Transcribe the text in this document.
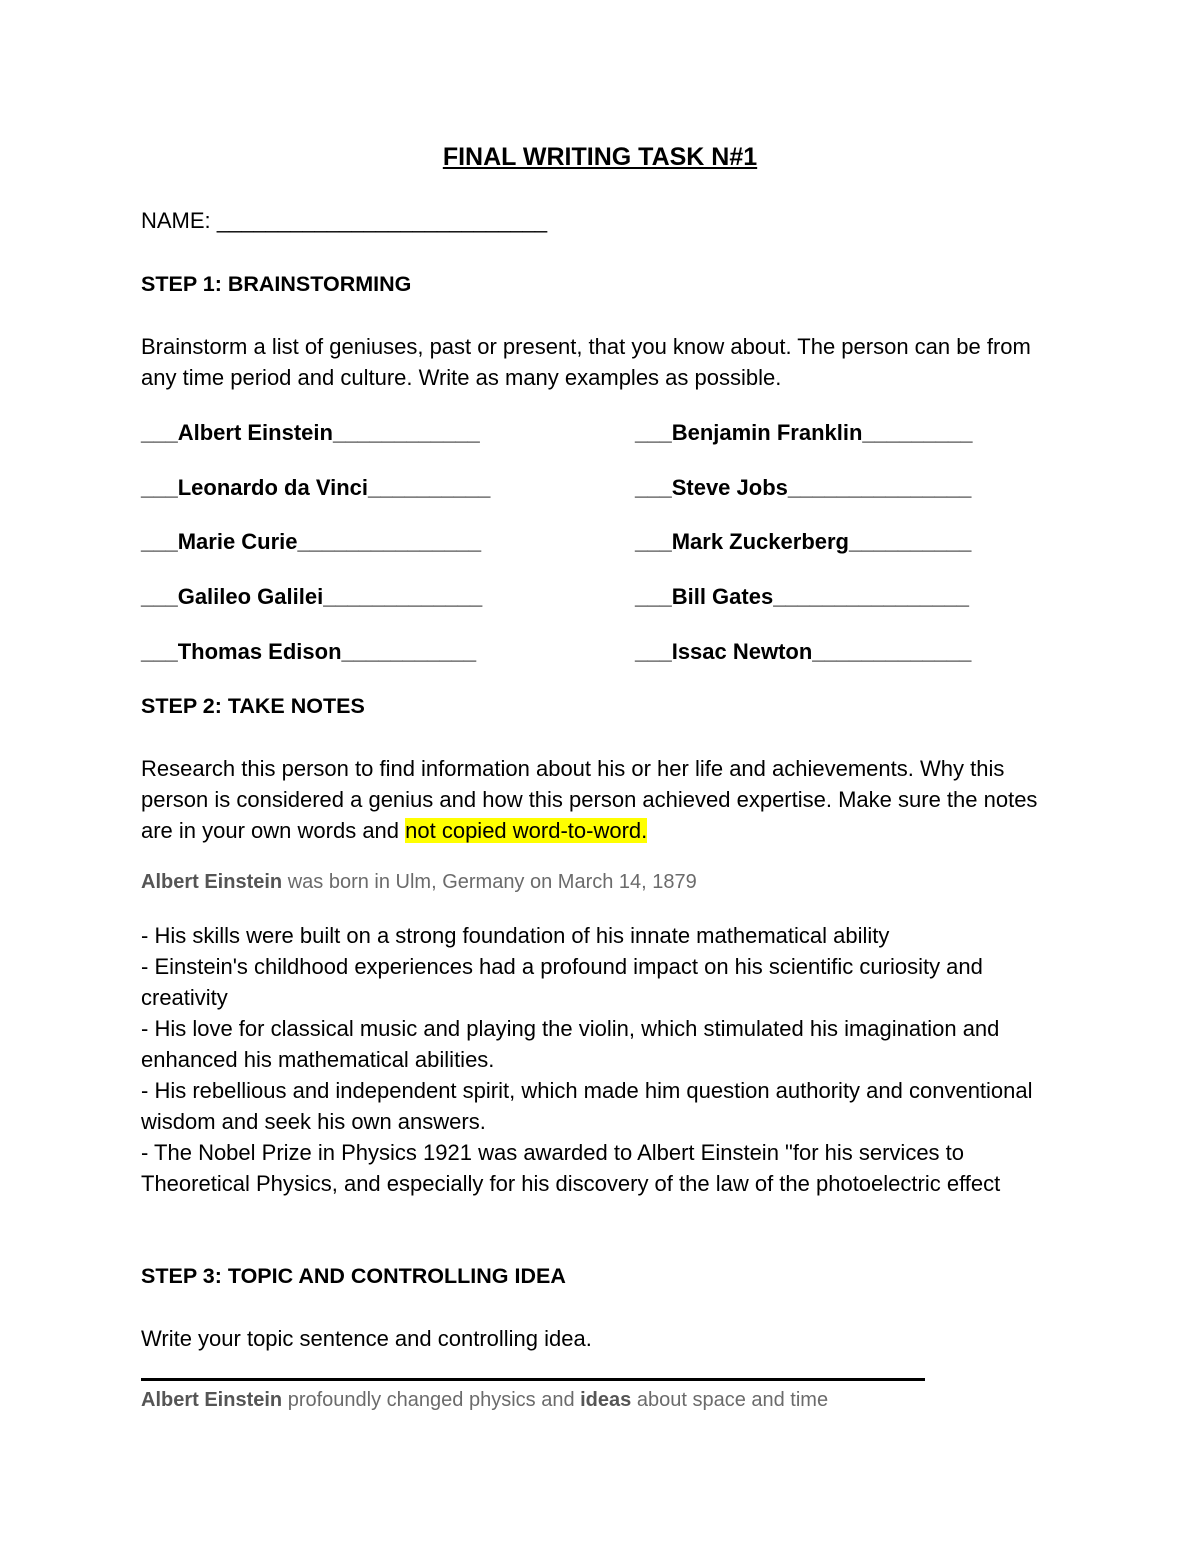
FINAL WRITING TASK N#1
NAME: ___________________________
STEP 1: BRAINSTORMING
Brainstorm a list of geniuses, past or present, that you know about. The person can be from any time period and culture. Write as many examples as possible.
___Albert Einstein____________
___Leonardo da Vinci__________
___Marie Curie_______________
___Galileo Galilei_____________
___Thomas Edison___________
___Benjamin Franklin_________
___Steve Jobs_______________
___Mark Zuckerberg__________
___Bill Gates________________
___Issac Newton_____________
STEP 2: TAKE NOTES
Research this person to find information about his or her life and achievements. Why this person is considered a genius and how this person achieved expertise. Make sure the notes are in your own words and not copied word-to-word.
Albert Einstein was born in Ulm, Germany on March 14, 1879
- His skills were built on a strong foundation of his innate mathematical ability
- Einstein's childhood experiences had a profound impact on his scientific curiosity and creativity
- His love for classical music and playing the violin, which stimulated his imagination and enhanced his mathematical abilities.
- His rebellious and independent spirit, which made him question authority and conventional wisdom and seek his own answers.
- The Nobel Prize in Physics 1921 was awarded to Albert Einstein "for his services to Theoretical Physics, and especially for his discovery of the law of the photoelectric effect
STEP 3: TOPIC AND CONTROLLING IDEA
Write your topic sentence and controlling idea.
Albert Einstein profoundly changed physics and ideas about space and time
